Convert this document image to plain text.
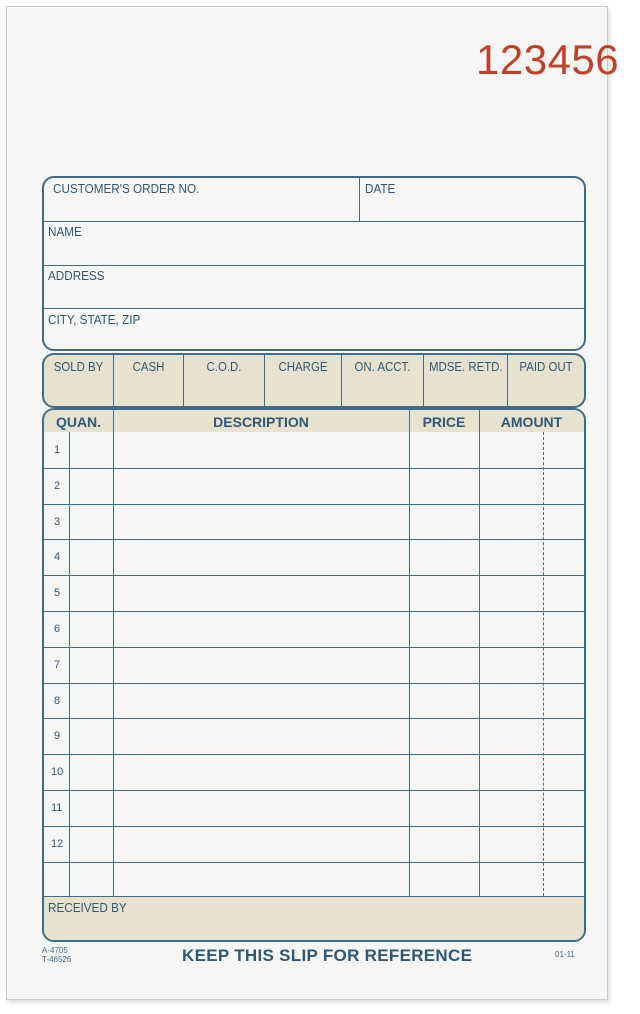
123456
CUSTOMER'S ORDER NO.	DATE
NAME
ADDRESS
CITY, STATE, ZIP
SOLD BY	CASH	C.O.D.	CHARGE	ON. ACCT.	MDSE. RETD.	PAID OUT
QUAN.	DESCRIPTION	PRICE	AMOUNT
1
2
3
4
5
6
7
8
9
10
11
12
RECEIVED BY
A-4705
T-46526	KEEP THIS SLIP FOR REFERENCE	01-11
